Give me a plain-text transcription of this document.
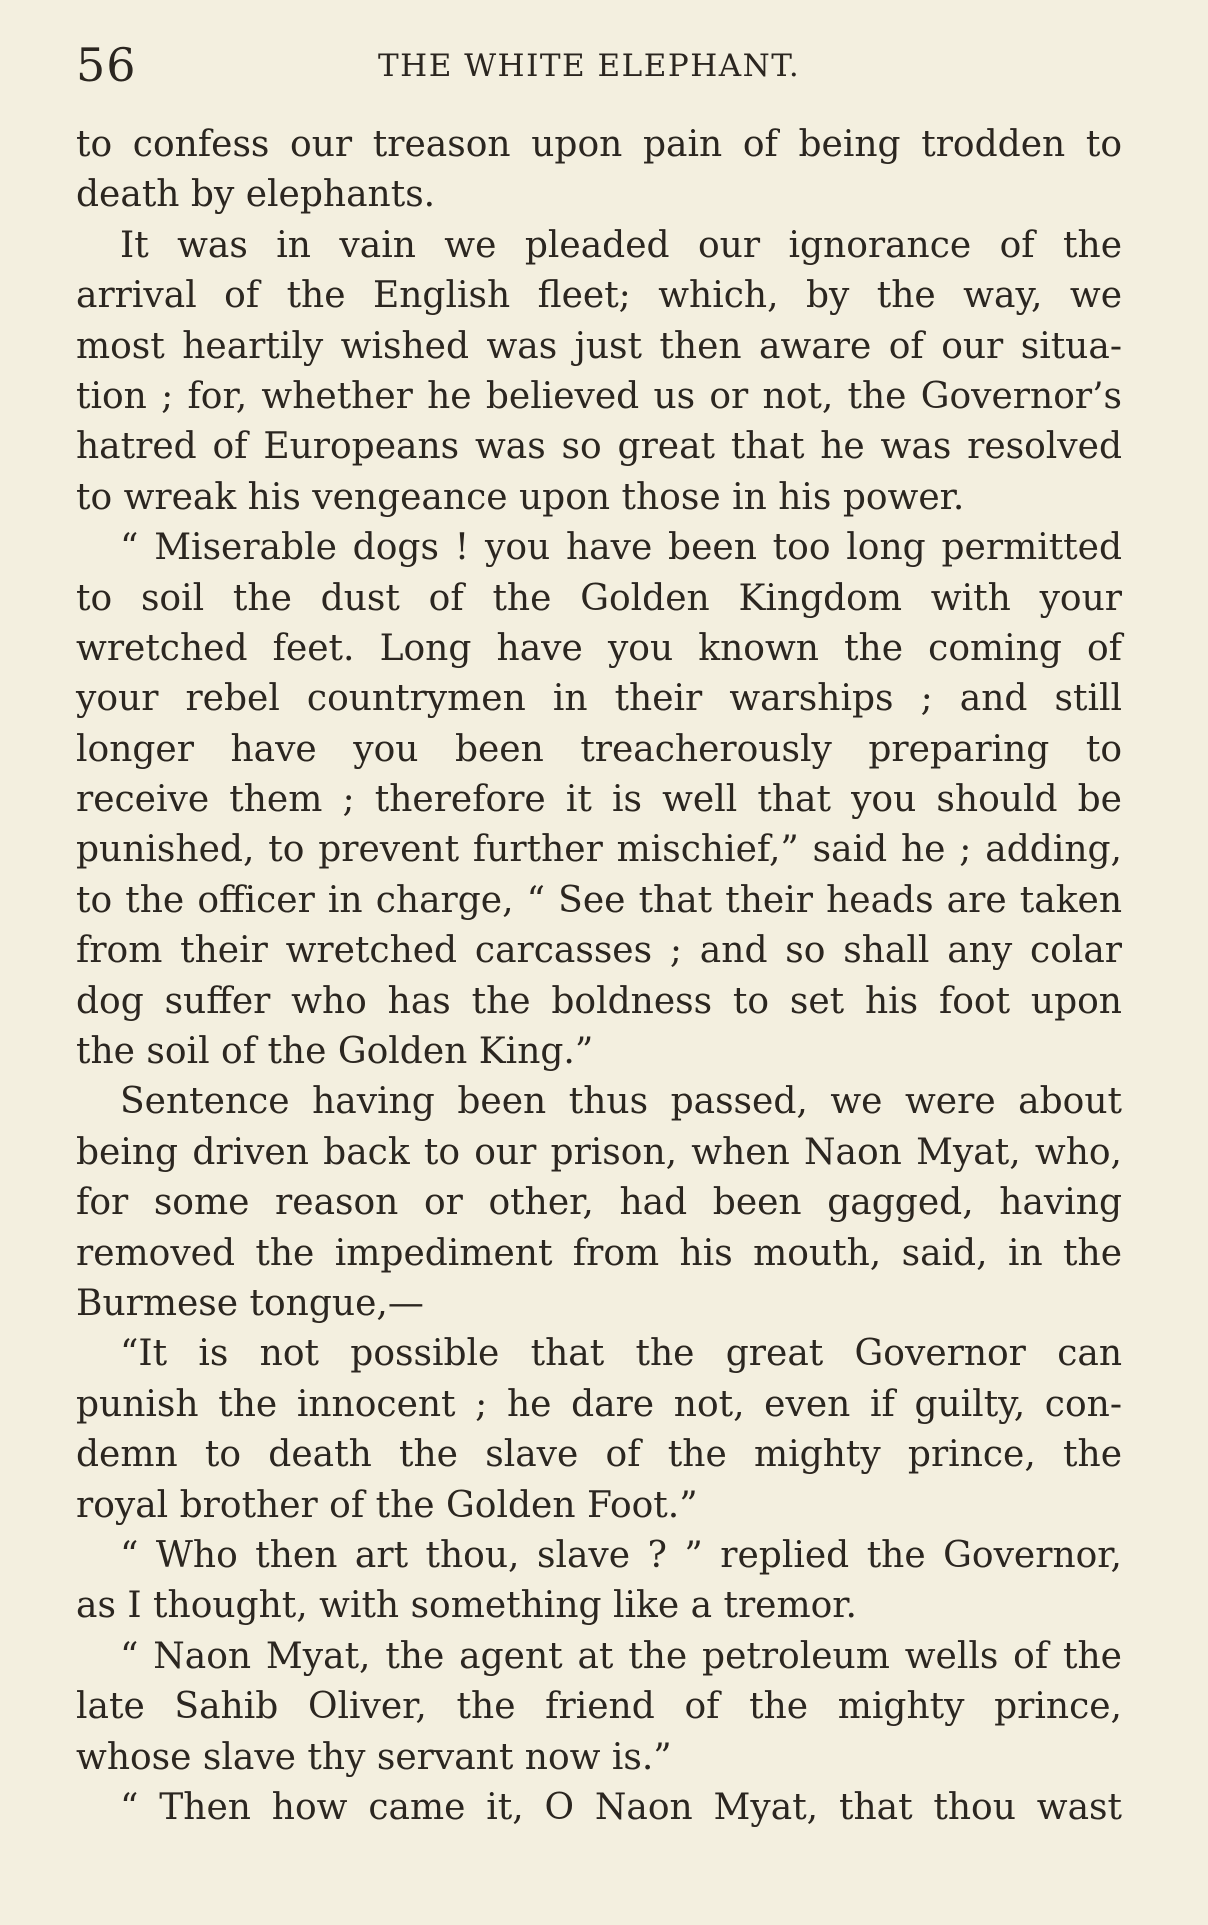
56	THE WHITE ELEPHANT.
to confess our treason upon pain of being trodden to
death by elephants.
It was in vain we pleaded our ignorance of the
arrival of the English fleet; which, by the way, we
most heartily wished was just then aware of our situa-
tion ; for, whether he believed us or not, the Governor’s
hatred of Europeans was so great that he was resolved
to wreak his vengeance upon those in his power.
“ Miserable dogs ! you have been too long permitted
to soil the dust of the Golden Kingdom with your
wretched feet. Long have you known the coming of
your rebel countrymen in their warships ; and still
longer have you been treacherously preparing to
receive them ; therefore it is well that you should be
punished, to prevent further mischief,” said he ; adding,
to the officer in charge, “ See that their heads are taken
from their wretched carcasses ; and so shall any colar
dog suffer who has the boldness to set his foot upon
the soil of the Golden King.”
Sentence having been thus passed, we were about
being driven back to our prison, when Naon Myat, who,
for some reason or other, had been gagged, having
removed the impediment from his mouth, said, in the
Burmese tongue,—
“It is not possible that the great Governor can
punish the innocent ; he dare not, even if guilty, con-
demn to death the slave of the mighty prince, the
royal brother of the Golden Foot.”
“ Who then art thou, slave ? ” replied the Governor,
as I thought, with something like a tremor.
“ Naon Myat, the agent at the petroleum wells of the
late Sahib Oliver, the friend of the mighty prince,
whose slave thy servant now is.”
“ Then how came it, O Naon Myat, that thou wast
